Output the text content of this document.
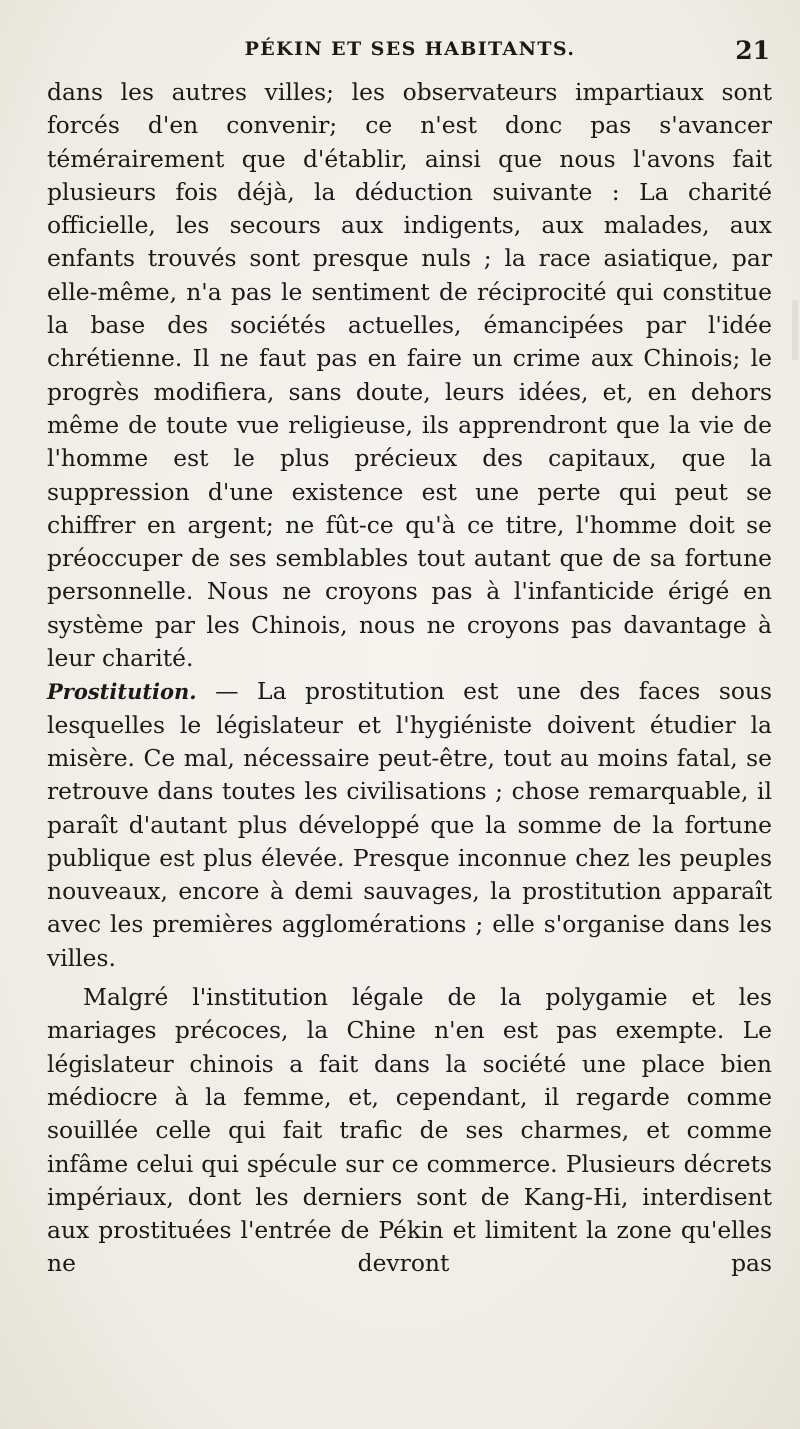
PÉKIN ET SES HABITANTS.	21

dans les autres villes; les observateurs impartiaux sont forcés d'en convenir; ce n'est donc pas s'avancer témérairement que d'établir, ainsi que nous l'avons fait plusieurs fois déjà, la déduction suivante : La charité officielle, les secours aux indigents, aux malades, aux enfants trouvés sont presque nuls ; la race asiatique, par elle-même, n'a pas le sentiment de réciprocité qui constitue la base des sociétés actuelles, émancipées par l'idée chrétienne. Il ne faut pas en faire un crime aux Chinois; le progrès modifiera, sans doute, leurs idées, et, en dehors même de toute vue religieuse, ils apprendront que la vie de l'homme est le plus précieux des capitaux, que la suppression d'une existence est une perte qui peut se chiffrer en argent; ne fût-ce qu'à ce titre, l'homme doit se préoccuper de ses semblables tout autant que de sa fortune personnelle. Nous ne croyons pas à l'infanticide érigé en système par les Chinois, nous ne croyons pas davantage à leur charité.

Prostitution. — La prostitution est une des faces sous lesquelles le législateur et l'hygiéniste doivent étudier la misère. Ce mal, nécessaire peut-être, tout au moins fatal, se retrouve dans toutes les civilisations ; chose remarquable, il paraît d'autant plus développé que la somme de la fortune publique est plus élevée. Presque inconnue chez les peuples nouveaux, encore à demi sauvages, la prostitution apparaît avec les premières agglomérations ; elle s'organise dans les villes.

Malgré l'institution légale de la polygamie et les mariages précoces, la Chine n'en est pas exempte. Le législateur chinois a fait dans la société une place bien médiocre à la femme, et, cependant, il regarde comme souillée celle qui fait trafic de ses charmes, et comme infâme celui qui spécule sur ce commerce. Plusieurs décrets impériaux, dont les derniers sont de Kang-Hi, interdisent aux prostituées l'entrée de Pékin et limitent la zone qu'elles ne devront pas
